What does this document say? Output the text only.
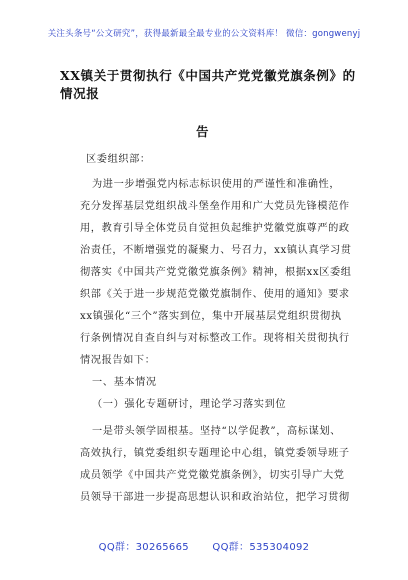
关注头条号“公文研究”，获得最新最全最专业的公文资料库！ 微信：gongwenyj
XX镇关于贯彻执行《中国共产党党徽党旗条例》的情况报
告
区委组织部：
为进一步增强党内标志标识使用的严谨性和准确性，
充分发挥基层党组织战斗堡垒作用和广大党员先锋模范作
用，教育引导全体党员自觉担负起维护党徽党旗尊严的政
治责任，不断增强党的凝聚力、号召力，xx镇认真学习贯
彻落实《中国共产党党徽党旗条例》精神，根据xx区委组
织部《关于进一步规范党徽党旗制作、使用的通知》要求
xx镇强化“三个”落实到位，集中开展基层党组织贯彻执
行条例情况自查自纠与对标整改工作。现将相关贯彻执行
情况报告如下：
一、基本情况
（一）强化专题研讨，理论学习落实到位
一是带头领学固根基。坚持“以学促教”，高标谋划、
高效执行，镇党委组织专题理论中心组，镇党委领导班子
成员领学《中国共产党党徽党旗条例》，切实引导广大党
员领导干部进一步提高思想认识和政治站位，把学习贯彻
QQ群：30265665 QQ群：535304092
